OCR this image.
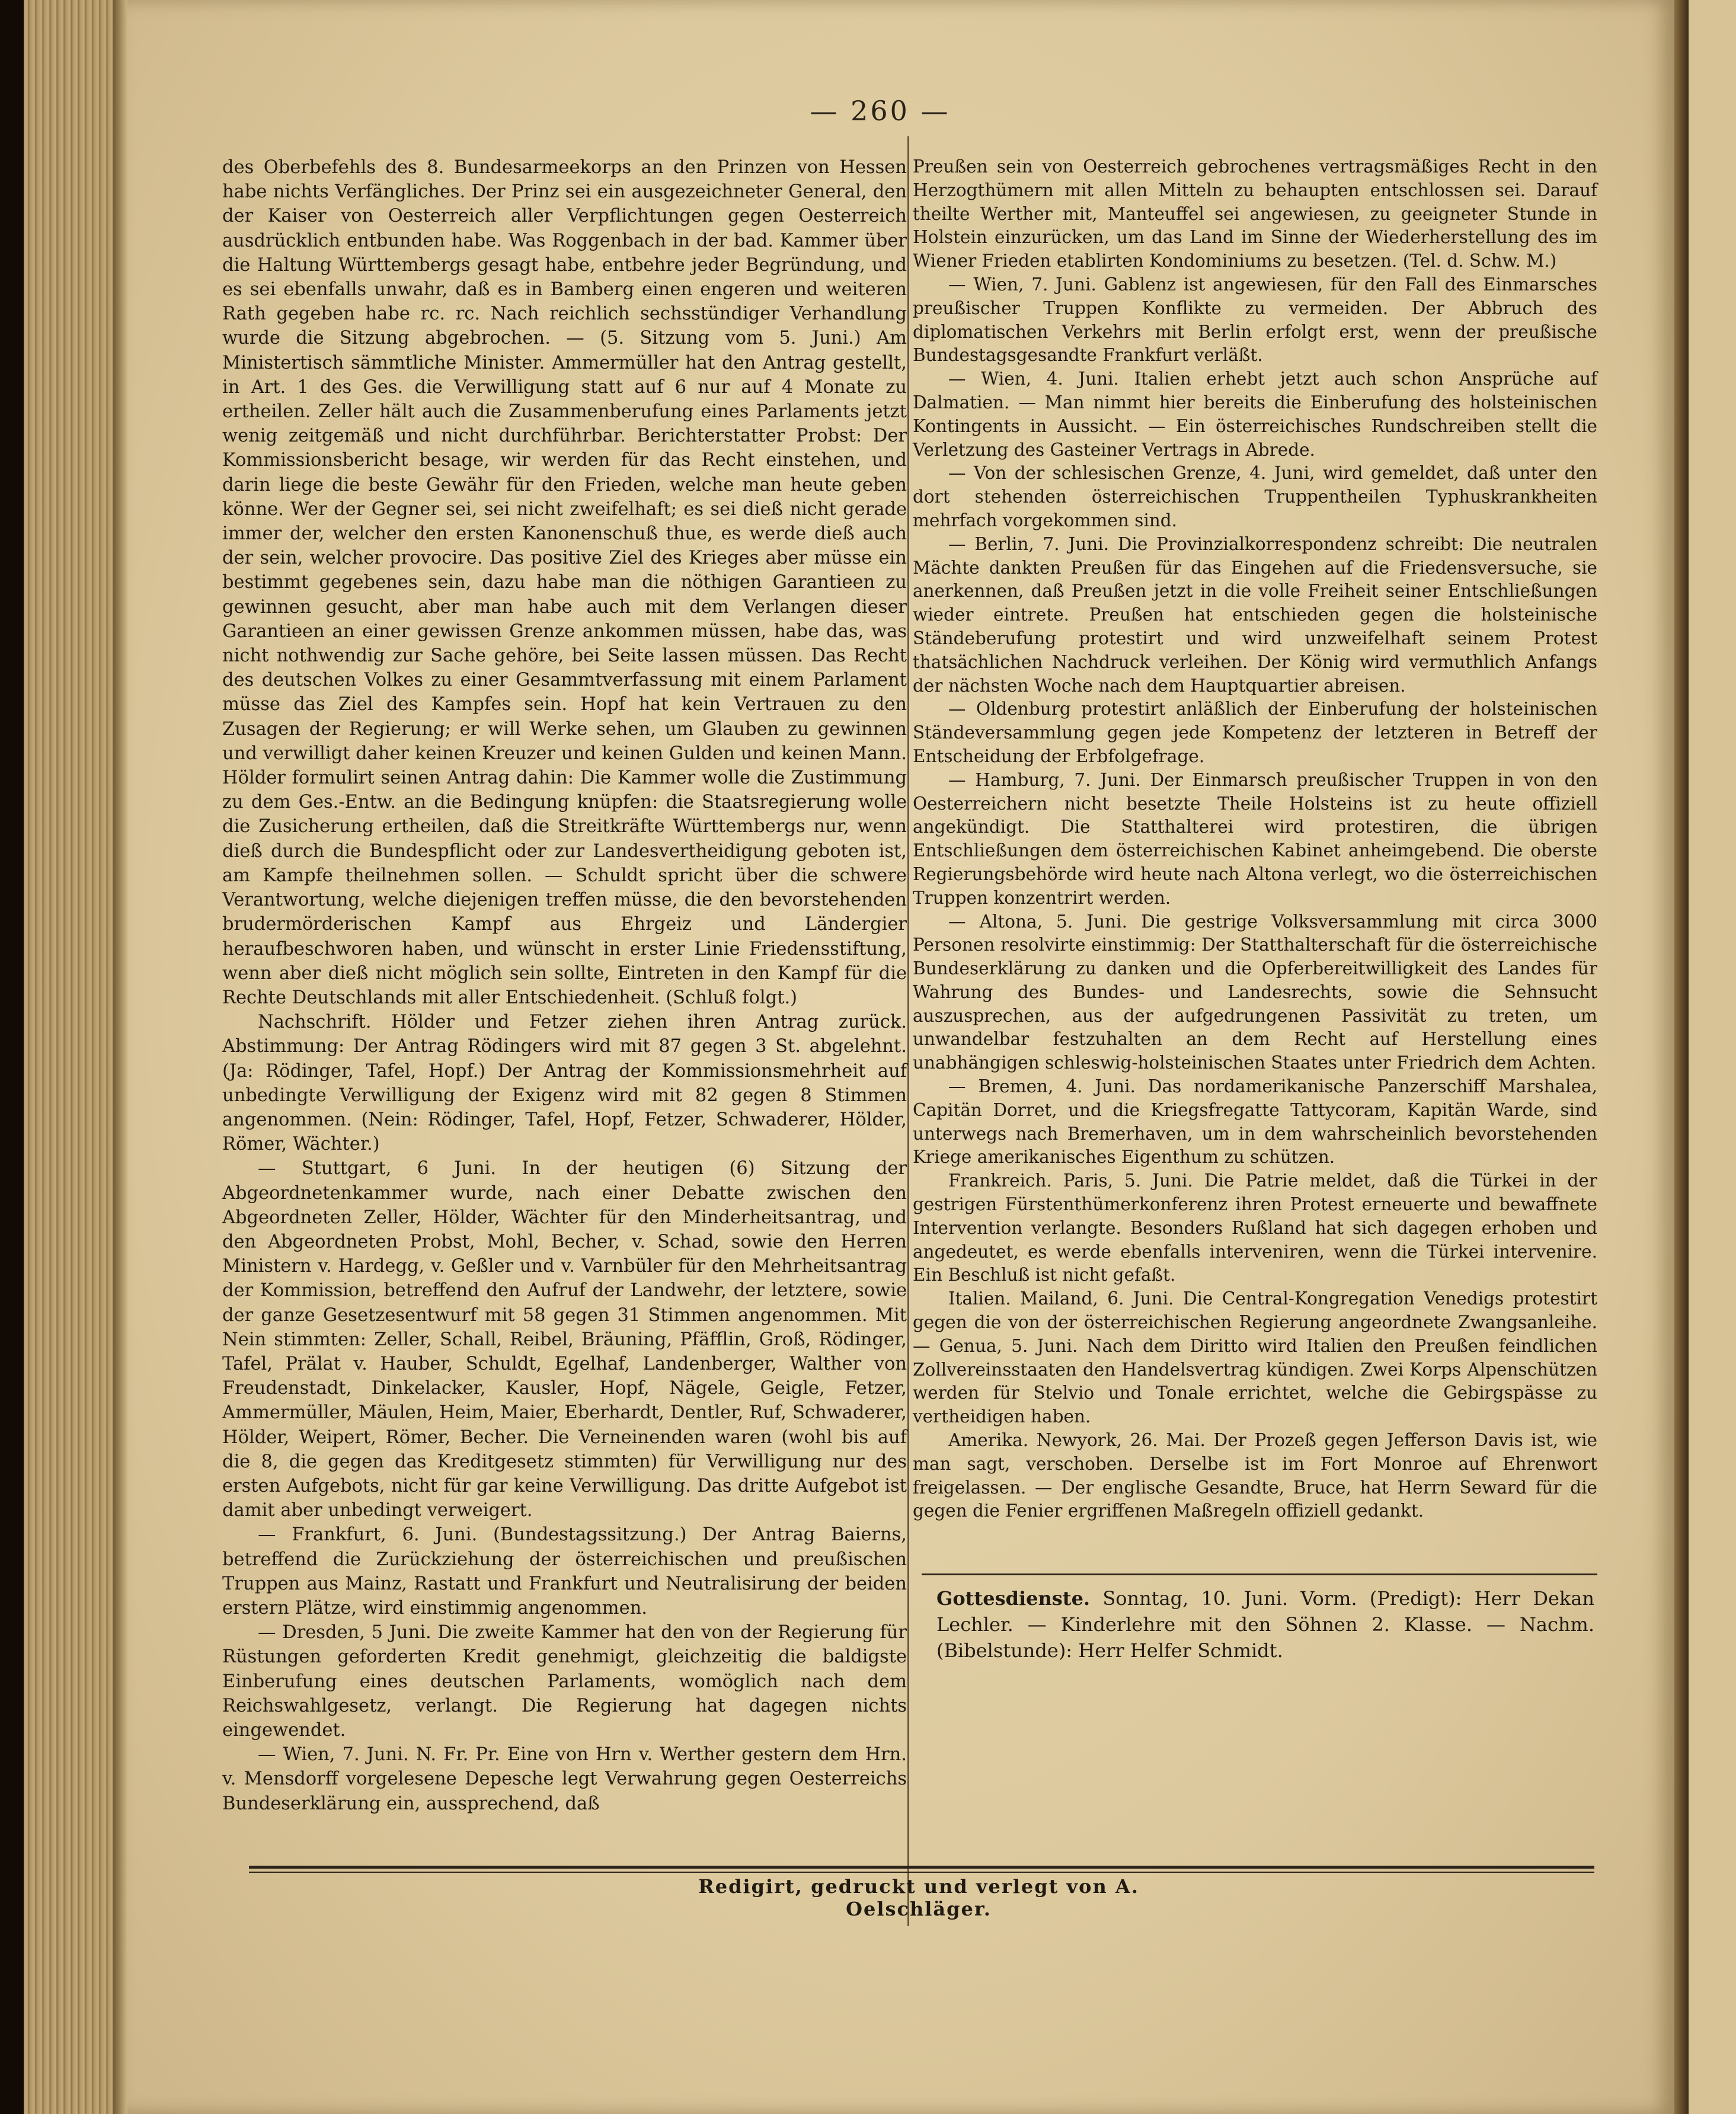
— 260 —

des Oberbefehls des 8. Bundesarmeekorps an den Prinzen von Hessen habe nichts Verfängliches. Der Prinz sei ein ausgezeichneter General, den der Kaiser von Oesterreich aller Verpflichtungen gegen Oesterreich ausdrücklich entbunden habe. Was Roggenbach in der bad. Kammer über die Haltung Württembergs gesagt habe, entbehre jeder Begründung, und es sei ebenfalls unwahr, daß es in Bamberg einen engeren und weiteren Rath gegeben habe rc. rc. Nach reichlich sechsstündiger Verhandlung wurde die Sitzung abgebrochen. — (5. Sitzung vom 5. Juni.) Am Ministertisch sämmtliche Minister. Ammermüller hat den Antrag gestellt, in Art. 1 des Ges. die Verwilligung statt auf 6 nur auf 4 Monate zu ertheilen. Zeller hält auch die Zusammenberufung eines Parlaments jetzt wenig zeitgemäß und nicht durchführbar. Berichterstatter Probst: Der Kommissionsbericht besage, wir werden für das Recht einstehen, und darin liege die beste Gewähr für den Frieden, welche man heute geben könne. Wer der Gegner sei, sei nicht zweifelhaft; es sei dieß nicht gerade immer der, welcher den ersten Kanonenschuß thue, es werde dieß auch der sein, welcher provocire. Das positive Ziel des Krieges aber müsse ein bestimmt gegebenes sein, dazu habe man die nöthigen Garantieen zu gewinnen gesucht, aber man habe auch mit dem Verlangen dieser Garantieen an einer gewissen Grenze ankommen müssen, habe das, was nicht nothwendig zur Sache gehöre, bei Seite lassen müssen. Das Recht des deutschen Volkes zu einer Gesammtverfassung mit einem Parlament müsse das Ziel des Kampfes sein. Hopf hat kein Vertrauen zu den Zusagen der Regierung; er will Werke sehen, um Glauben zu gewinnen und verwilligt daher keinen Kreuzer und keinen Gulden und keinen Mann. Hölder formulirt seinen Antrag dahin: Die Kammer wolle die Zustimmung zu dem Ges.-Entw. an die Bedingung knüpfen: die Staatsregierung wolle die Zusicherung ertheilen, daß die Streitkräfte Württembergs nur, wenn dieß durch die Bundespflicht oder zur Landesvertheidigung geboten ist, am Kampfe theilnehmen sollen. — Schuldt spricht über die schwere Verantwortung, welche diejenigen treffen müsse, die den bevorstehenden brudermörderischen Kampf aus Ehrgeiz und Ländergier heraufbeschworen haben, und wünscht in erster Linie Friedensstiftung, wenn aber dieß nicht möglich sein sollte, Eintreten in den Kampf für die Rechte Deutschlands mit aller Entschiedenheit. (Schluß folgt.)

Nachschrift. Hölder und Fetzer ziehen ihren Antrag zurück. Abstimmung: Der Antrag Rödingers wird mit 87 gegen 3 St. abgelehnt. (Ja: Rödinger, Tafel, Hopf.) Der Antrag der Kommissionsmehrheit auf unbedingte Verwilligung der Exigenz wird mit 82 gegen 8 Stimmen angenommen. (Nein: Rödinger, Tafel, Hopf, Fetzer, Schwaderer, Hölder, Römer, Wächter.)

— Stuttgart, 6 Juni. In der heutigen (6) Sitzung der Abgeordnetenkammer wurde, nach einer Debatte zwischen den Abgeordneten Zeller, Hölder, Wächter für den Minderheitsantrag, und den Abgeordneten Probst, Mohl, Becher, v. Schad, sowie den Herren Ministern v. Hardegg, v. Geßler und v. Varnbüler für den Mehrheitsantrag der Kommission, betreffend den Aufruf der Landwehr, der letztere, sowie der ganze Gesetzesentwurf mit 58 gegen 31 Stimmen angenommen. Mit Nein stimmten: Zeller, Schall, Reibel, Bräuning, Pfäfflin, Groß, Rödinger, Tafel, Prälat v. Hauber, Schuldt, Egelhaf, Landenberger, Walther von Freudenstadt, Dinkelacker, Kausler, Hopf, Nägele, Geigle, Fetzer, Ammermüller, Mäulen, Heim, Maier, Eberhardt, Dentler, Ruf, Schwaderer, Hölder, Weipert, Römer, Becher. Die Verneinenden waren (wohl bis auf die 8, die gegen das Kreditgesetz stimmten) für Verwilligung nur des ersten Aufgebots, nicht für gar keine Verwilligung. Das dritte Aufgebot ist damit aber unbedingt verweigert.

— Frankfurt, 6. Juni. (Bundestagssitzung.) Der Antrag Baierns, betreffend die Zurückziehung der österreichischen und preußischen Truppen aus Mainz, Rastatt und Frankfurt und Neutralisirung der beiden erstern Plätze, wird einstimmig angenommen.

— Dresden, 5 Juni. Die zweite Kammer hat den von der Regierung für Rüstungen geforderten Kredit genehmigt, gleichzeitig die baldigste Einberufung eines deutschen Parlaments, womöglich nach dem Reichswahlgesetz, verlangt. Die Regierung hat dagegen nichts eingewendet.

— Wien, 7. Juni. N. Fr. Pr. Eine von Hrn v. Werther gestern dem Hrn. v. Mensdorff vorgelesene Depesche legt Verwahrung gegen Oesterreichs Bundeserklärung ein, aussprechend, daß

Preußen sein von Oesterreich gebrochenes vertragsmäßiges Recht in den Herzogthümern mit allen Mitteln zu behaupten entschlossen sei. Darauf theilte Werther mit, Manteuffel sei angewiesen, zu geeigneter Stunde in Holstein einzurücken, um das Land im Sinne der Wiederherstellung des im Wiener Frieden etablirten Kondominiums zu besetzen. (Tel. d. Schw. M.)

— Wien, 7. Juni. Gablenz ist angewiesen, für den Fall des Einmarsches preußischer Truppen Konflikte zu vermeiden. Der Abbruch des diplomatischen Verkehrs mit Berlin erfolgt erst, wenn der preußische Bundestagsgesandte Frankfurt verläßt.

— Wien, 4. Juni. Italien erhebt jetzt auch schon Ansprüche auf Dalmatien. — Man nimmt hier bereits die Einberufung des holsteinischen Kontingents in Aussicht. — Ein österreichisches Rundschreiben stellt die Verletzung des Gasteiner Vertrags in Abrede.

— Von der schlesischen Grenze, 4. Juni, wird gemeldet, daß unter den dort stehenden österreichischen Truppentheilen Typhuskrankheiten mehrfach vorgekommen sind.

— Berlin, 7. Juni. Die Provinzialkorrespondenz schreibt: Die neutralen Mächte dankten Preußen für das Eingehen auf die Friedensversuche, sie anerkennen, daß Preußen jetzt in die volle Freiheit seiner Entschließungen wieder eintrete. Preußen hat entschieden gegen die holsteinische Ständeberufung protestirt und wird unzweifelhaft seinem Protest thatsächlichen Nachdruck verleihen. Der König wird vermuthlich Anfangs der nächsten Woche nach dem Hauptquartier abreisen.

— Oldenburg protestirt anläßlich der Einberufung der holsteinischen Ständeversammlung gegen jede Kompetenz der letzteren in Betreff der Entscheidung der Erbfolgefrage.

— Hamburg, 7. Juni. Der Einmarsch preußischer Truppen in von den Oesterreichern nicht besetzte Theile Holsteins ist zu heute offiziell angekündigt. Die Statthalterei wird protestiren, die übrigen Entschließungen dem österreichischen Kabinet anheimgebend. Die oberste Regierungsbehörde wird heute nach Altona verlegt, wo die österreichischen Truppen konzentrirt werden.

— Altona, 5. Juni. Die gestrige Volksversammlung mit circa 3000 Personen resolvirte einstimmig: Der Statthalterschaft für die österreichische Bundeserklärung zu danken und die Opferbereitwilligkeit des Landes für Wahrung des Bundes- und Landesrechts, sowie die Sehnsucht auszusprechen, aus der aufgedrungenen Passivität zu treten, um unwandelbar festzuhalten an dem Recht auf Herstellung eines unabhängigen schleswig-holsteinischen Staates unter Friedrich dem Achten.

— Bremen, 4. Juni. Das nordamerikanische Panzerschiff Marshalea, Capitän Dorret, und die Kriegsfregatte Tattycoram, Kapitän Warde, sind unterwegs nach Bremerhaven, um in dem wahrscheinlich bevorstehenden Kriege amerikanisches Eigenthum zu schützen.

Frankreich. Paris, 5. Juni. Die Patrie meldet, daß die Türkei in der gestrigen Fürstenthümerkonferenz ihren Protest erneuerte und bewaffnete Intervention verlangte. Besonders Rußland hat sich dagegen erhoben und angedeutet, es werde ebenfalls interveniren, wenn die Türkei intervenire. Ein Beschluß ist nicht gefaßt.

Italien. Mailand, 6. Juni. Die Central-Kongregation Venedigs protestirt gegen die von der österreichischen Regierung angeordnete Zwangsanleihe. — Genua, 5. Juni. Nach dem Diritto wird Italien den Preußen feindlichen Zollvereinsstaaten den Handelsvertrag kündigen. Zwei Korps Alpenschützen werden für Stelvio und Tonale errichtet, welche die Gebirgspässe zu vertheidigen haben.

Amerika. Newyork, 26. Mai. Der Prozeß gegen Jefferson Davis ist, wie man sagt, verschoben. Derselbe ist im Fort Monroe auf Ehrenwort freigelassen. — Der englische Gesandte, Bruce, hat Herrn Seward für die gegen die Fenier ergriffenen Maßregeln offiziell gedankt.

Gottesdienste. Sonntag, 10. Juni. Vorm. (Predigt): Herr Dekan Lechler. — Kinderlehre mit den Söhnen 2. Klasse. — Nachm. (Bibelstunde): Herr Helfer Schmidt.
Redigirt, gedruckt und verlegt von A. Oelschläger.
